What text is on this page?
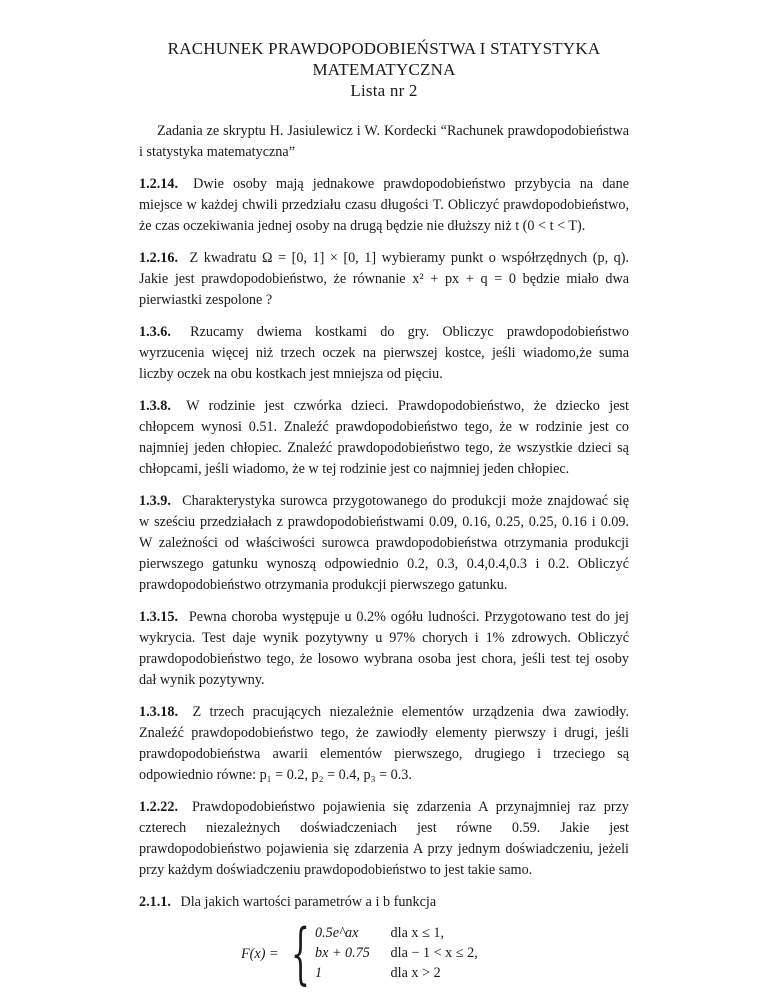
RACHUNEK PRAWDOPODOBIEŃSTWA I STATYSTYKA
MATEMATYCZNA
Lista nr 2
Zadania ze skryptu H. Jasiulewicz i W. Kordecki “Rachunek prawdopodobieństwa i statystyka matematyczna”
1.2.14. Dwie osoby mają jednakowe prawdopodobieństwo przybycia na dane miejsce w każdej chwili przedziału czasu długości T. Obliczyć prawdopodobieństwo, że czas oczekiwania jednej osoby na drugą będzie nie dłuższy niż t (0 < t < T).
1.2.16. Z kwadratu Ω = [0, 1] × [0, 1] wybieramy punkt o współrzędnych (p, q). Jakie jest prawdopodobieństwo, że równanie x² + px + q = 0 będzie miało dwa pierwiastki zespolone ?
1.3.6. Rzucamy dwiema kostkami do gry. Obliczyc prawdopodobieństwo wyrzucenia więcej niż trzech oczek na pierwszej kostce, jeśli wiadomo,że suma liczby oczek na obu kostkach jest mniejsza od pięciu.
1.3.8. W rodzinie jest czwórka dzieci. Prawdopodobieństwo, że dziecko jest chłopcem wynosi 0.51. Znaleźć prawdopodobieństwo tego, że w rodzinie jest co najmniej jeden chłopiec. Znaleźć prawdopodobieństwo tego, że wszystkie dzieci są chłopcami, jeśli wiadomo, że w tej rodzinie jest co najmniej jeden chłopiec.
1.3.9. Charakterystyka surowca przygotowanego do produkcji może znajdować się w sześciu przedziałach z prawdopodobieństwami 0.09, 0.16, 0.25, 0.25, 0.16 i 0.09. W zależności od właściwości surowca prawdopodobieństwa otrzymania produkcji pierwszego gatunku wynoszą odpowiednio 0.2, 0.3, 0.4,0.4,0.3 i 0.2. Obliczyć prawdopodobieństwo otrzymania produkcji pierwszego gatunku.
1.3.15. Pewna choroba występuje u 0.2% ogółu ludności. Przygotowano test do jej wykrycia. Test daje wynik pozytywny u 97% chorych i 1% zdrowych. Obliczyć prawdopodobieństwo tego, że losowo wybrana osoba jest chora, jeśli test tej osoby dał wynik pozytywny.
1.3.18. Z trzech pracujących niezależnie elementów urządzenia dwa zawiodły. Znaleźć prawdopodobieństwo tego, że zawiodły elementy pierwszy i drugi, jeśli prawdopodobieństwa awarii elementów pierwszego, drugiego i trzeciego są odpowiednio równe: p₁ = 0.2, p₂ = 0.4, p₃ = 0.3.
1.2.22. Prawdopodobieństwo pojawienia się zdarzenia A przynajmniej raz przy czterech niezależnych doświadczeniach jest równe 0.59. Jakie jest prawdopodobieństwo pojawienia się zdarzenia A przy jednym doświadczeniu, jeżeli przy każdym doświadczeniu prawdopodobieństwo to jest takie samo.
2.1.1. Dla jakich wartości parametrów a i b funkcja
F(x) = { 0.5e^ax dla x ≤ 1,
bx + 0.75 dla − 1 < x ≤ 2,
1	dla x > 2
